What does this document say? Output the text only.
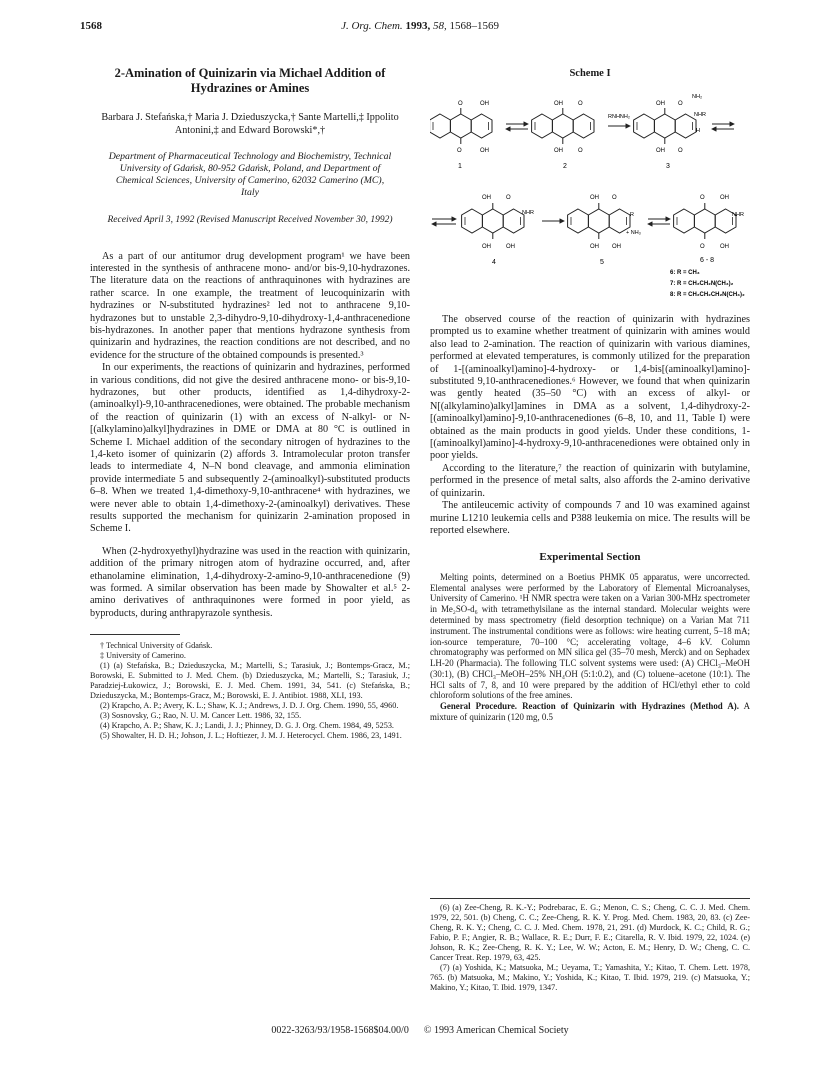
1568	J. Org. Chem. 1993, 58, 1568–1569
2-Amination of Quinizarin via Michael Addition of Hydrazines or Amines
Barbara J. Stefańska,† Maria J. Dzieduszycka,† Sante Martelli,‡ Ippolito Antonini,‡ and Edward Borowski*,†
Department of Pharmaceutical Technology and Biochemistry, Technical University of Gdańsk, 80-952 Gdańsk, Poland, and Department of Chemical Sciences, University of Camerino, 62032 Camerino (MC), Italy
Received April 3, 1992 (Revised Manuscript Received November 30, 1992)

As a part of our antitumor drug development program¹ we have been interested in the synthesis of anthracene mono- and/or bis-9,10-hydrazones. The literature data on the reactions of anthraquinones with hydrazines are rather scarce. In one example, the treatment of leucoquinizarin with hydrazines or N-substituted hydrazines² led not to anthracene 9,10-hydrazones but to unstable 2,3-dihydro-9,10-dihydroxy-1,4-anthracenedione bis-hydrazones. In another paper that mentions hydrazone synthesis from quinizarin and hydrazines, the reaction conditions are not described, and no evidence for the structure of the obtained compounds is presented.³

In our experiments, the reactions of quinizarin and hydrazines, performed in various conditions, did not give the desired anthracene mono- or bis-9,10-hydrazones, but other products, identified as 1,4-dihydroxy-2-(aminoalkyl)-9,10-anthracenediones, were obtained. The probable mechanism of the reaction of quinizarin (1) with an excess of N-alkyl- or N-[(alkylamino)alkyl]hydrazines in DME or DMA at 80 °C is outlined in Scheme I. Michael addition of the secondary nitrogen of hydrazines to the 1,4-keto isomer of quinizarin (2) affords 3. Intramolecular proton transfer leads to intermediate 4, N–N bond cleavage, and ammonia elimination provide intermediate 5 and subsequently 2-(aminoalkyl)-substituted products 6–8. When we treated 1,4-dimethoxy-9,10-anthracene⁴ with hydrazines, we were never able to obtain 1,4-dimethoxy-2-(aminoalkyl) derivatives. These results supported the mechanism for quinizarin 2-amination proposed in Scheme I.

When (2-hydroxyethyl)hydrazine was used in the reaction with quinizarin, addition of the primary nitrogen atom of hydrazine occurred, and, after ethanolamine elimination, 1,4-dihydroxy-2-amino-9,10-anthracenedione (9) was formed. A similar observation has been made by Showalter et al.⁵ 2-amino derivatives of anthraquinones were formed in poor yield, as byproducts, during anthrapyrazole synthesis.

† Technical University of Gdańsk.
‡ University of Camerino.
(1) (a) Stefańska, B.; Dzieduszycka, M.; Martelli, S.; Tarasiuk, J.; Bontemps-Gracz, M.; Borowski, E. Submitted to J. Med. Chem. (b) Dzieduszycka, M.; Martelli, S.; Tarasiuk, J.; Paradziej-Łukowicz, J.; Borowski, E. J. Med. Chem. 1991, 34, 541. (c) Stefańska, B.; Dzieduszycka, M.; Bontemps-Gracz, M.; Borowski, E. J. Antibiot. 1988, XLI, 193.
(2) Krapcho, A. P.; Avery, K. L.; Shaw, K. J.; Andrews, J. D. J. Org. Chem. 1990, 55, 4960.
(3) Sosnovsky, G.; Rao, N. U. M. Cancer Lett. 1986, 32, 155.
(4) Krapcho, A. P.; Shaw, K. J.; Landi, J. J.; Phinney, D. G. J. Org. Chem. 1984, 49, 5253.
(5) Showalter, H. D. H.; Johson, J. L.; Hoftiezer, J. M. J. Heterocycl. Chem. 1986, 23, 1491.
Scheme I
O	OH
O	OH
1
OH	O
OH	O
2
RNHNH₂
OH O
NH₂
NHR
H
OH O
3
OH	O
NHR
OH	OH
4
OH O
R
OH OH
+ NH₃
5
O	OH
NHR
O	OH
6 - 8
6: R = CH₃
7: R = CH₂CH₂N(CH₃)₂
8: R = CH₂CH₂CH₂N(CH₃)₂

The observed course of the reaction of quinizarin with hydrazines prompted us to examine whether treatment of quinizarin with amines would also lead to 2-amination. The reaction of quinizarin with various diamines, performed at elevated temperatures, is commonly utilized for the preparation of 1-[(aminoalkyl)amino]-4-hydroxy- or 1,4-bis[(aminoalkyl)amino]-substituted 9,10-anthracenediones.⁶ However, we found that when quinizarin was gently heated (35–50 °C) with an excess of alkyl- or N[(alkylamino)alkyl]amines in DMA as a solvent, 1,4-dihydroxy-2-[(aminoalkyl)amino]-9,10-anthracenediones (6–8, 10, and 11, Table I) were obtained as the main products in good yields. Under these conditions, 1-[(aminoalkyl)amino]-4-hydroxy-9,10-anthracenediones were obtained only in poor yields.

According to the literature,⁷ the reaction of quinizarin with butylamine, performed in the presence of metal salts, also affords the 2-amino derivative of quinizarin.

The antileucemic activity of compounds 7 and 10 was examined against murine L1210 leukemia cells and P388 leukemia on mice. The results will be reported elsewhere.

Experimental Section

Melting points, determined on a Boetius PHMK 05 apparatus, were uncorrected. Elemental analyses were performed by the Laboratory of Elemental Microanalyses, University of Camerino. ¹H NMR spectra were taken on a Varian 300-MHz spectrometer in Me₂SO-d₆ with tetramethylsilane as the internal standard. Molecular weights were determined by mass spectrometry (field desorption technique) on a Varian Mat 711 instrument. The instrumental conditions were as follows: wire heating current, 5–18 mA; ion-source temperature, 70–100 °C; accelerating voltage, 4–6 kV. Column chromatography was performed on MN silica gel (35–70 mesh, Merck) and on Sephadex LH-20 (Pharmacia). The following TLC solvent systems were used: (A) CHCl₃–MeOH (30:1), (B) CHCl₃–MeOH–25% NH₄OH (5:1:0.2), and (C) toluene–acetone (10:1). The HCl salts of 7, 8, and 10 were prepared by the addition of HCl/ethyl ether to cold chloroform solutions of the free amines.

General Procedure. Reaction of Quinizarin with Hydrazines (Method A). A mixture of quinizarin (120 mg, 0.5

(6) (a) Zee-Cheng, R. K.-Y.; Podrebarac, E. G.; Menon, C. S.; Cheng, C. C. J. Med. Chem. 1979, 22, 501. (b) Cheng, C. C.; Zee-Cheng, R. K. Y. Prog. Med. Chem. 1983, 20, 83. (c) Zee-Cheng, R. K. Y.; Cheng, C. C. J. Med. Chem. 1978, 21, 291. (d) Murdock, K. C.; Child, R. G.; Fabio, P. F.; Angier, R. B.; Wallace, R. E.; Durr, F. E.; Citarella, R. V. Ibid. 1979, 22, 1024. (e) Johson, R. K.; Zee-Cheng, R. K. Y.; Lee, W. W.; Acton, E. M.; Henry, D. W.; Cheng, C. C. Cancer Treat. Rep. 1979, 63, 425.
(7) (a) Yoshida, K.; Matsuoka, M.; Ueyama, T.; Yamashita, Y.; Kitao, T. Chem. Lett. 1978, 765. (b) Matsuoka, M.; Makino, Y.; Yoshida, K.; Kitao, T. Ibid. 1979, 219. (c) Matsuoka, Y.; Makino, Y.; Kitao, T. Ibid. 1979, 1347.
0022-3263/93/1958-1568$04.00/0 © 1993 American Chemical Society
